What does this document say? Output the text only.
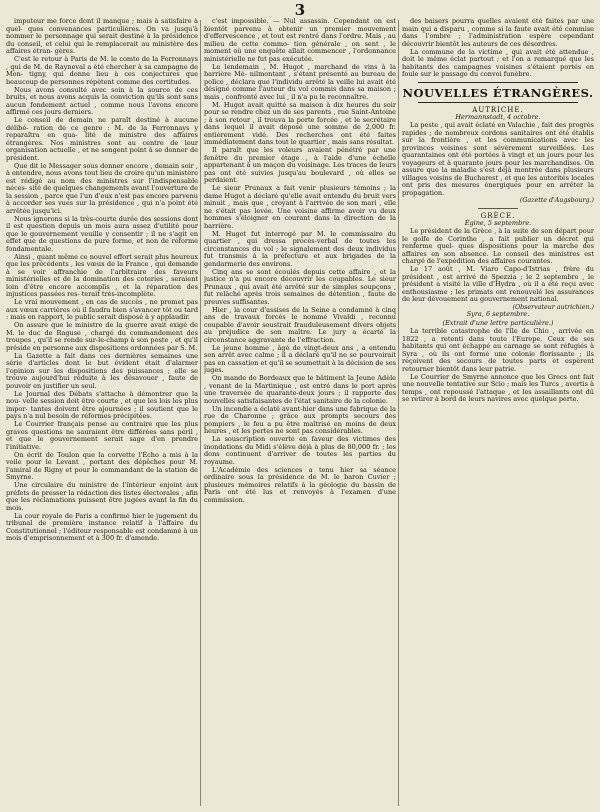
3

imputeur me force dont il manque ; mais à satisfaire à quel- ques convenances particulières. On va jusqu'à nommer le personnage qui serait destiné à la présidence du conseil, et celui qui le remplacerait au ministère des affaires étran- gères.

C'est le retour à Paris de M. le comte de la Ferronnays , qui de M. de Rayneval a été chercher à sa campagne de Mon- tigny, qui donne lieu à ces conjectures que beaucoup de personnes répètent comme des certitudes.

Nous avons consulté avec soin à la source de ces bruits, et nous avons acquis la conviction qu'ils sont sans aucun fondement actuel , comme nous l'avons encore affirmé ces jours derniers.

Le conseil de demain ne paraît destiné à aucune délibé- ration de ce genre : M. de la Ferronnays y reparaîtra en qua- lité de ministre des affaires étrangères. Nos ministres sont au centre de leur organisation actuelle , et ne songent point à se donner de président.

Que dit le Messager sous donner encore , demain soir , à entendre, nous avons tout lieu de croire qu'un ministère est rédigé au nom des ministres sur l'indispensable néces- sité de quelques changements avant l'ouverture de la session , parce que l'un d'eux n'est pas encore parvenu à accorder ses vues sur la présidence , qui n'a point été arrêtée jusqu'ici.

Nous ignorons si la très-courte durée des sessions dont il est question depuis un mois aura assez d'utilité pour que le gouvernement veuille y consentir ; il ne s'agit en effet que de questions de pure forme, et non de réforme fondamentale.

Ainsi , quant même ce nouvel effort serait plus heureux que les précédents , les vœux de la France , qui demande à se voir affranchie de l'arbitraire des faveurs ministérielles et de la domination des coteries , seraient loin d'être encore accomplis , et la réparation des injustices passées res- terait très-incomplète.

Le vrai mouvement , en cas de succès , ne promet pas aux vœux carrières où il faudra bien s'avancer tôt ou tard : mais en rapport, le public serait disposé à y applaudir.

On assure que le ministre de la guerre avait exigé de M. le duc de Raguse , chargé du commandement des troupes , qu'il se rende sur-le-champ à son poste , et qu'il préside en personne aux dispositions ordonnées par S. M.

La Gazette a fait dans ces dernières semaines une série d'articles dont le but évident était d'alarmer l'opinion sur les dispositions des puissances ; elle se trouve aujourd'hui réduite à les désavouer , faute de pouvoir en justifier un seul.

Le Journal des Débats s'attache à démontrer que la nou- velle session doit être courte , et que les lois les plus impor- tantes doivent être ajournées ; il soutient que le pays n'a nul besoin de réformes précipitées.

Le Courrier français pense au contraire que les plus graves questions ne sauraient être différées sans péril , et que le gouvernement serait sage d'en prendre l'initiative.

On écrit de Toulon que la corvette l'Écho a mis à la voile pour le Levant , portant des dépêches pour M. l'amiral de Rigny et pour le commandant de la station de Smyrne.

Une circulaire du ministre de l'intérieur enjoint aux préfets de presser la rédaction des listes électorales , afin que les réclamations puissent être jugées avant la fin du mois.

La cour royale de Paris a confirmé hier le jugement du tribunal de première instance relatif à l'affaire du Constitutionnel ; l'éditeur responsable est condamné à un mois d'emprisonnement et à 300 fr. d'amende.

c'est impossible. — Nul assassin. Cependant on est bientôt parvenu à obtenir un premier mouvement d'effervescence , et tout est rentré dans l'ordre. Mais , au milieu de cette commo- tion générale , on sent , le moment où une enquête allait commencer , l'ordonnance ministérielle ne fut pas exécutée.

Le lendemain , M. Hugot , marchand de vins à la barrière Mé- nilmontant , s'étant présenté au bureau de police , déclara que l'individu arrêté la veille lui avait été désigné comme l'auteur du vol commis dans sa maison ; mais , confronté avec lui , il n'a pu le reconnaître.

M. Hugot avait quitté sa maison à dix heures du soir pour se rendre chez un de ses parents , rue Saint-Antoine ; à son retour , il trouva la porte forcée , et le secrétaire dans lequel il avait déposé une somme de 2,000 fr. entièrement vidé. Des recherches ont été faites immédiatement dans tout le quartier , mais sans résultat.

Il paraît que les voleurs avaient pénétré par une fenêtre du premier étage , à l'aide d'une échelle appartenant à un maçon du voisinage. Les traces de leurs pas ont été suivies jusqu'au boulevard , où elles se perdaient.

Le sieur Prunaux a fait venir plusieurs témoins ; la dame Hugot a déclaré qu'elle avait entendu du bruit vers minuit , mais que , croyant à l'arrivée de son mari , elle ne s'était pas levée. Une voisine affirme avoir vu deux hommes s'éloigner en courant dans la direction de la barrière.

M. Hugot fut interrogé par M. le commissaire du quartier , qui dressa procès-verbal de toutes les circonstances du vol ; le signalement des deux individus fut transmis à la préfecture et aux brigades de la gendarmerie des environs.

Cinq ans se sont écoulés depuis cette affaire , et la justice n'a pu encore découvrir les coupables. Le sieur Prunaux , qui avait été arrêté sur de simples soupçons , fut relâché après trois semaines de détention , faute de preuves suffisantes.

Hier , la cour d'assises de la Seine a condamné à cinq ans de travaux forcés le nommé Vivaldi , reconnu coupable d'avoir soustrait frauduleusement divers objets au préjudice de son maître. Le jury a écarté la circonstance aggravante de l'effraction.

Le jeune homme , âgé de vingt-deux ans , a entendu son arrêt avec calme ; il a déclaré qu'il ne se pourvoirait pas en cassation et qu'il se soumettait à la décision de ses juges.

On mande de Bordeaux que le bâtiment la Jeune Adèle , venant de la Martinique , est entré dans le port après une traversée de quarante-deux jours ; il rapporte des nouvelles satisfaisantes de l'état sanitaire de la colonie.

Un incendie a éclaté avant-hier dans une fabrique de la rue de Charonne ; grâce aux prompts secours des pompiers , le feu a pu être maîtrisé en moins de deux heures , et les pertes ne sont pas considérables.

La souscription ouverte en faveur des victimes des inondations du Midi s'élève déjà à plus de 80,000 fr. ; les dons continuent d'arriver de toutes les parties du royaume.

L'Académie des sciences a tenu hier sa séance ordinaire sous la présidence de M. le baron Cuvier ; plusieurs mémoires relatifs à la géologie du bassin de Paris ont été lus et renvoyés à l'examen d'une commission.

des baisers pourra quelles avaient été faites par une main qui a disparu , comme si la faute avait été commise dans l'ombre ; l'administration espère cependant découvrir bientôt les auteurs de ces désordres.

La commune de la victime , qui avait été attendue , doit le même éclat partout ; et l'on a remarqué que les habitants des campagnes voisines s'étaient portés en foule sur le passage du convoi funèbre.

NOUVELLES ÉTRANGÈRES.
AUTRICHE.
Hermannstadt, 4 octobre.

La peste , qui avait éclaté en Valachie , fait des progrès rapides ; de nombreux cordons sanitaires ont été établis sur la frontière , et les communications avec les provinces voisines sont sévèrement surveillées. Les quarantaines ont été portées à vingt et un jours pour les voyageurs et à quarante jours pour les marchandises. On assure que la maladie s'est déjà montrée dans plusieurs villages voisins de Bucharest , et que les autorités locales ont pris des mesures énergiques pour en arrêter la propagation.

(Gazette d'Augsbourg.)
GRÈCE.
Égine, 5 septembre.

Le président de la Grèce , à la suite de son départ pour le golfe de Corinthe , a fait publier un décret qui renferme quel- ques dispositions pour la marche des affaires en son absence. Le conseil des ministres est chargé de l'expédition des affaires courantes.

Le 17 août , M. Viaro Capo-d'Istrias , frère du président , est arrivé de Spezzia ; le 2 septembre , le président a visité la ville d'Hydra , où il a été reçu avec enthousiasme ; les primats ont renouvelé les assurances de leur dévouement au gouvernement national.

(Observateur autrichien.)
Syra, 6 septembre.
(Extrait d'une lettre particulière.)

La terrible catastrophe de l'île de Chio , arrivée en 1822 , a retenti dans toute l'Europe. Ceux de ses habitants qui ont échappé au carnage se sont réfugiés à Syra , où ils ont formé une colonie florissante ; ils reçoivent des secours de toutes parts et espèrent retourner bientôt dans leur patrie.

Le Courrier de Smyrne annonce que les Grecs ont fait une nouvelle tentative sur Scio ; mais les Turcs , avertis à temps , ont repoussé l'attaque , et les assaillants ont dû se retirer à bord de leurs navires avec quelque perte.
